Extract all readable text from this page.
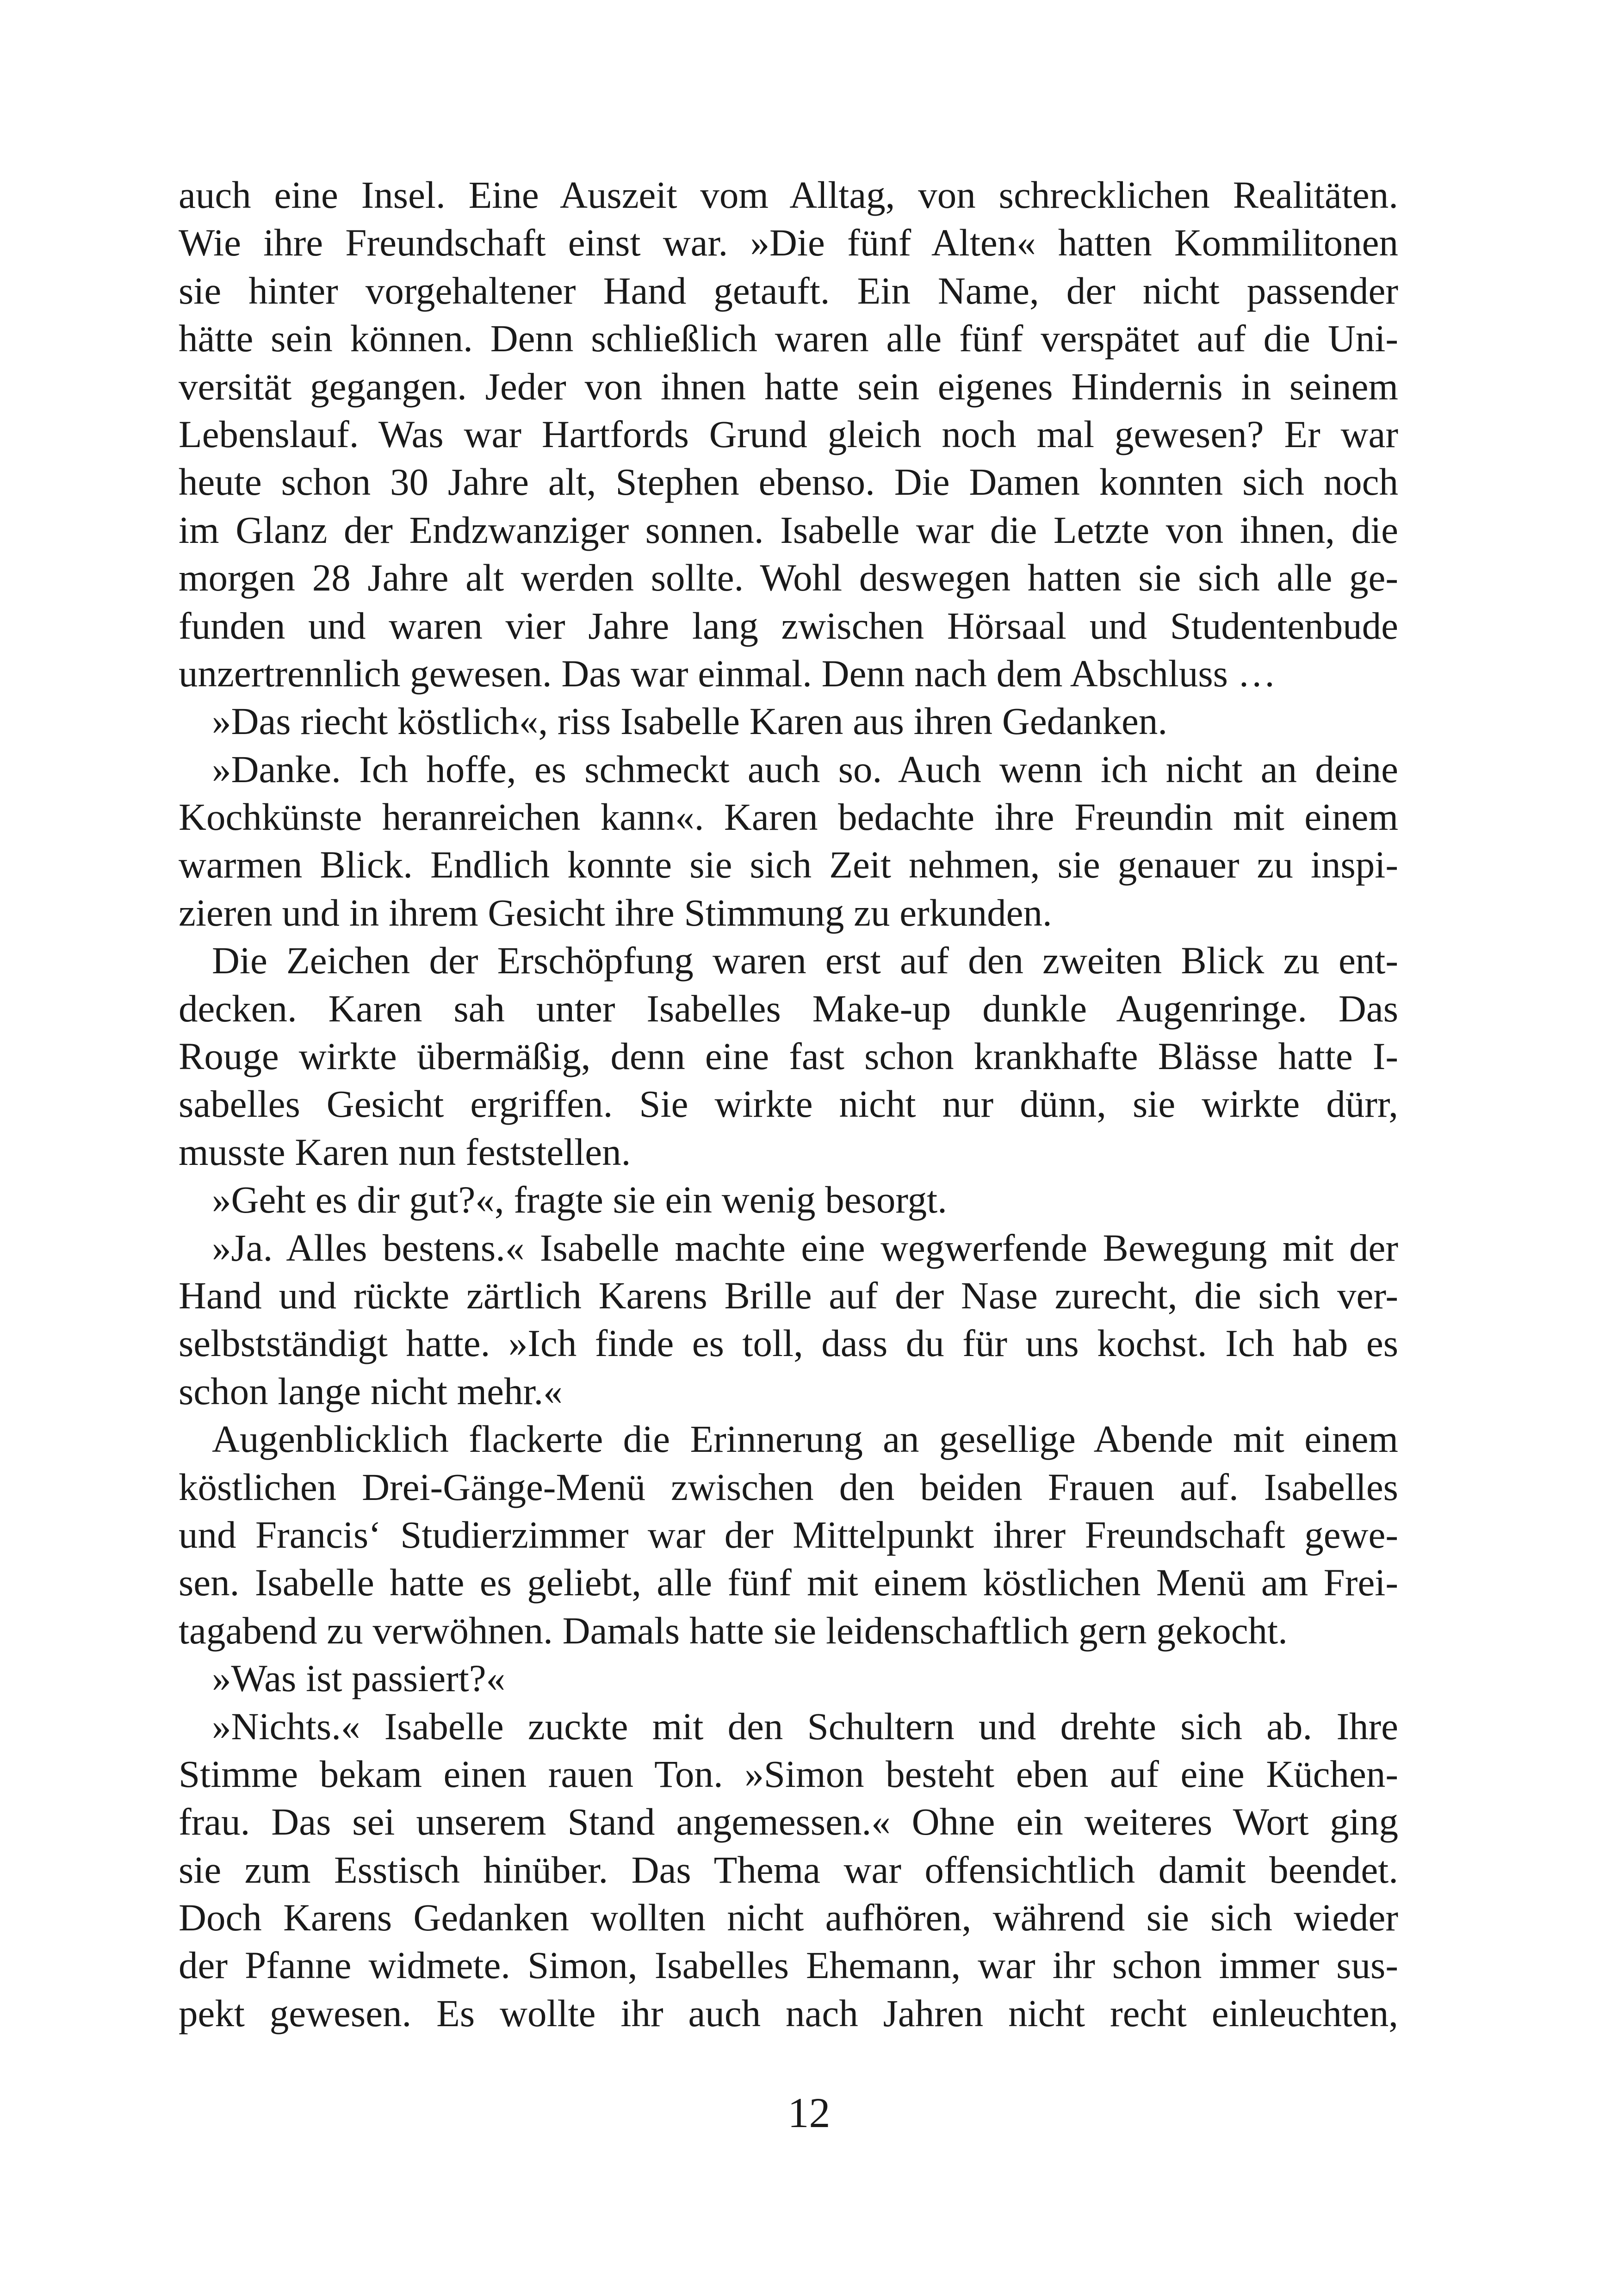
auch eine Insel. Eine Auszeit vom Alltag, von schrecklichen Realitäten.
Wie ihre Freundschaft einst war. »Die fünf Alten« hatten Kommilitonen
sie hinter vorgehaltener Hand getauft. Ein Name, der nicht passender
hätte sein können. Denn schließlich waren alle fünf verspätet auf die Uni-
versität gegangen. Jeder von ihnen hatte sein eigenes Hindernis in seinem
Lebenslauf. Was war Hartfords Grund gleich noch mal gewesen? Er war
heute schon 30 Jahre alt, Stephen ebenso. Die Damen konnten sich noch
im Glanz der Endzwanziger sonnen. Isabelle war die Letzte von ihnen, die
morgen 28 Jahre alt werden sollte. Wohl deswegen hatten sie sich alle ge-
funden und waren vier Jahre lang zwischen Hörsaal und Studentenbude
unzertrennlich gewesen. Das war einmal. Denn nach dem Abschluss …
»Das riecht köstlich«, riss Isabelle Karen aus ihren Gedanken.
»Danke. Ich hoffe, es schmeckt auch so. Auch wenn ich nicht an deine
Kochkünste heranreichen kann«. Karen bedachte ihre Freundin mit einem
warmen Blick. Endlich konnte sie sich Zeit nehmen, sie genauer zu inspi-
zieren und in ihrem Gesicht ihre Stimmung zu erkunden.
Die Zeichen der Erschöpfung waren erst auf den zweiten Blick zu ent-
decken. Karen sah unter Isabelles Make-up dunkle Augenringe. Das
Rouge wirkte übermäßig, denn eine fast schon krankhafte Blässe hatte I-
sabelles Gesicht ergriffen. Sie wirkte nicht nur dünn, sie wirkte dürr,
musste Karen nun feststellen.
»Geht es dir gut?«, fragte sie ein wenig besorgt.
»Ja. Alles bestens.« Isabelle machte eine wegwerfende Bewegung mit der
Hand und rückte zärtlich Karens Brille auf der Nase zurecht, die sich ver-
selbstständigt hatte. »Ich finde es toll, dass du für uns kochst. Ich hab es
schon lange nicht mehr.«
Augenblicklich flackerte die Erinnerung an gesellige Abende mit einem
köstlichen Drei-Gänge-Menü zwischen den beiden Frauen auf. Isabelles
und Francis‘ Studierzimmer war der Mittelpunkt ihrer Freundschaft gewe-
sen. Isabelle hatte es geliebt, alle fünf mit einem köstlichen Menü am Frei-
tagabend zu verwöhnen. Damals hatte sie leidenschaftlich gern gekocht.
»Was ist passiert?«
»Nichts.« Isabelle zuckte mit den Schultern und drehte sich ab. Ihre
Stimme bekam einen rauen Ton. »Simon besteht eben auf eine Küchen-
frau. Das sei unserem Stand angemessen.« Ohne ein weiteres Wort ging
sie zum Esstisch hinüber. Das Thema war offensichtlich damit beendet.
Doch Karens Gedanken wollten nicht aufhören, während sie sich wieder
der Pfanne widmete. Simon, Isabelles Ehemann, war ihr schon immer sus-
pekt gewesen. Es wollte ihr auch nach Jahren nicht recht einleuchten,
12
